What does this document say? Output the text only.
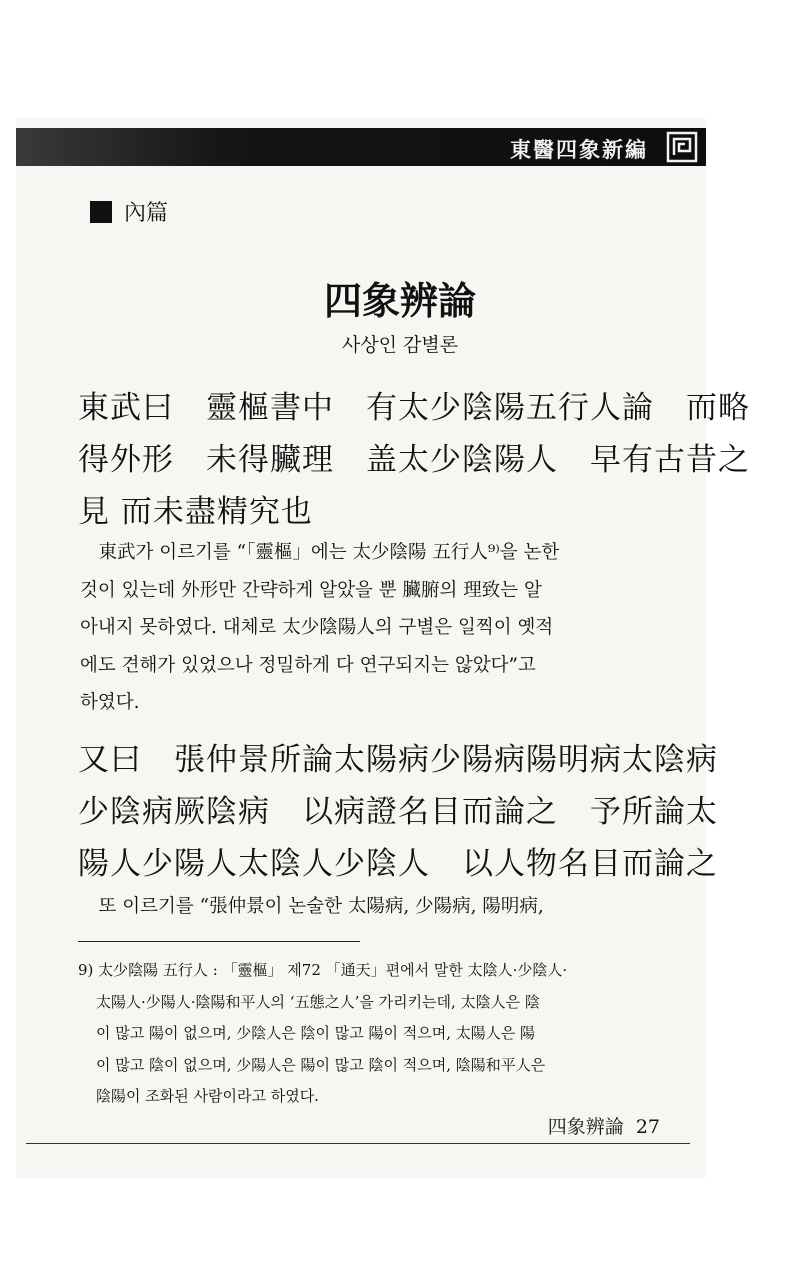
東醫四象新編
內篇
四象辨論
사상인 감별론
東武曰　靈樞書中　有太少陰陽五行人論　而略
得外形　未得臟理　盖太少陰陽人　早有古昔之
見 而未盡精究也
　東武가 이르기를 “「靈樞」에는 太少陰陽 五行人⁹⁾을 논한
것이 있는데 外形만 간략하게 알았을 뿐 臟腑의 理致는 알
아내지 못하였다. 대체로 太少陰陽人의 구별은 일찍이 옛적
에도 견해가 있었으나 정밀하게 다 연구되지는 않았다”고
하였다.
又曰　張仲景所論太陽病少陽病陽明病太陰病
少陰病厥陰病　以病證名目而論之　予所論太
陽人少陽人太陰人少陰人　以人物名目而論之
　또 이르기를 “張仲景이 논술한 太陽病, 少陽病, 陽明病,
9) 太少陰陽 五行人 : 「靈樞」 제72 「通天」편에서 말한 太陰人·少陰人·
太陽人·少陽人·陰陽和平人의 ‘五態之人’을 가리키는데, 太陰人은 陰
이 많고 陽이 없으며, 少陰人은 陰이 많고 陽이 적으며, 太陽人은 陽
이 많고 陰이 없으며, 少陽人은 陽이 많고 陰이 적으며, 陰陽和平人은
陰陽이 조화된 사람이라고 하였다.
四象辨論 27
